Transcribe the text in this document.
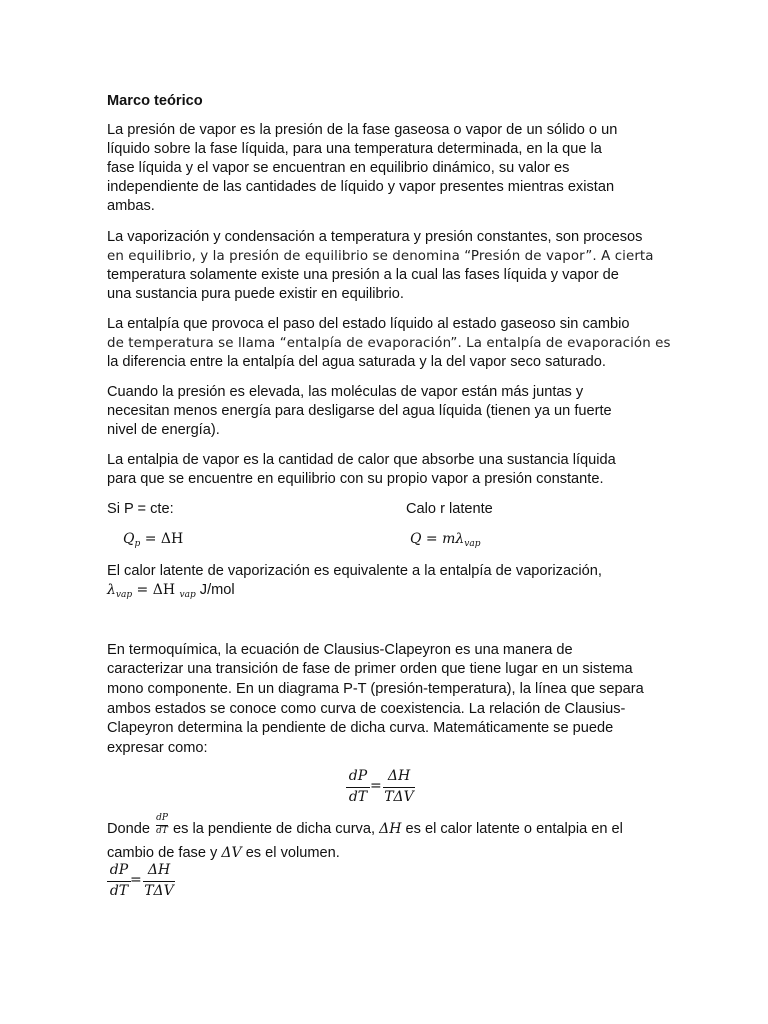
Marco teórico
La presión de vapor es la presión de la fase gaseosa o vapor de un sólido o un
líquido sobre la fase líquida, para una temperatura determinada, en la que la
fase líquida y el vapor se encuentran en equilibrio dinámico, su valor es
independiente de las cantidades de líquido y vapor presentes mientras existan
ambas.
La vaporización y condensación a temperatura y presión constantes, son procesos
en equilibrio, y la presión de equilibrio se denomina “Presión de vapor”. A cierta
temperatura solamente existe una presión a la cual las fases líquida y vapor de
una sustancia pura puede existir en equilibrio.
La entalpía que provoca el paso del estado líquido al estado gaseoso sin cambio
de temperatura se llama “entalpía de evaporación”. La entalpía de evaporación es
la diferencia entre la entalpía del agua saturada y la del vapor seco saturado.
Cuando la presión es elevada, las moléculas de vapor están más juntas y
necesitan menos energía para desligarse del agua líquida (tienen ya un fuerte
nivel de energía).
La entalpia de vapor es la cantidad de calor que absorbe una sustancia líquida
para que se encuentre en equilibrio con su propio vapor a presión constante.
Si P = cte:	Calo r latente
$Q_p = \Delta H$	$Q = m\lambda_{vap}$
El calor latente de vaporización es equivalente a la entalpía de vaporización,
$\lambda_{vap} = \Delta H$ $_{vap}$ J/mol
En termoquímica, la ecuación de Clausius-Clapeyron es una manera de
caracterizar una transición de fase de primer orden que tiene lugar en un sistema
mono componente. En un diagrama P-T (presión-temperatura), la línea que separa
ambos estados se conoce como curva de coexistencia. La relación de Clausius-
Clapeyron determina la pendiente de dicha curva. Matemáticamente se puede
expresar como:
dP
dT
=
ΔH
TΔV
Donde
dP
dT es la pendiente de dicha curva, ΔH es el calor latente o entalpia en el
cambio de fase y ΔV es el volumen.
dP
dT
=
ΔH
TΔV
